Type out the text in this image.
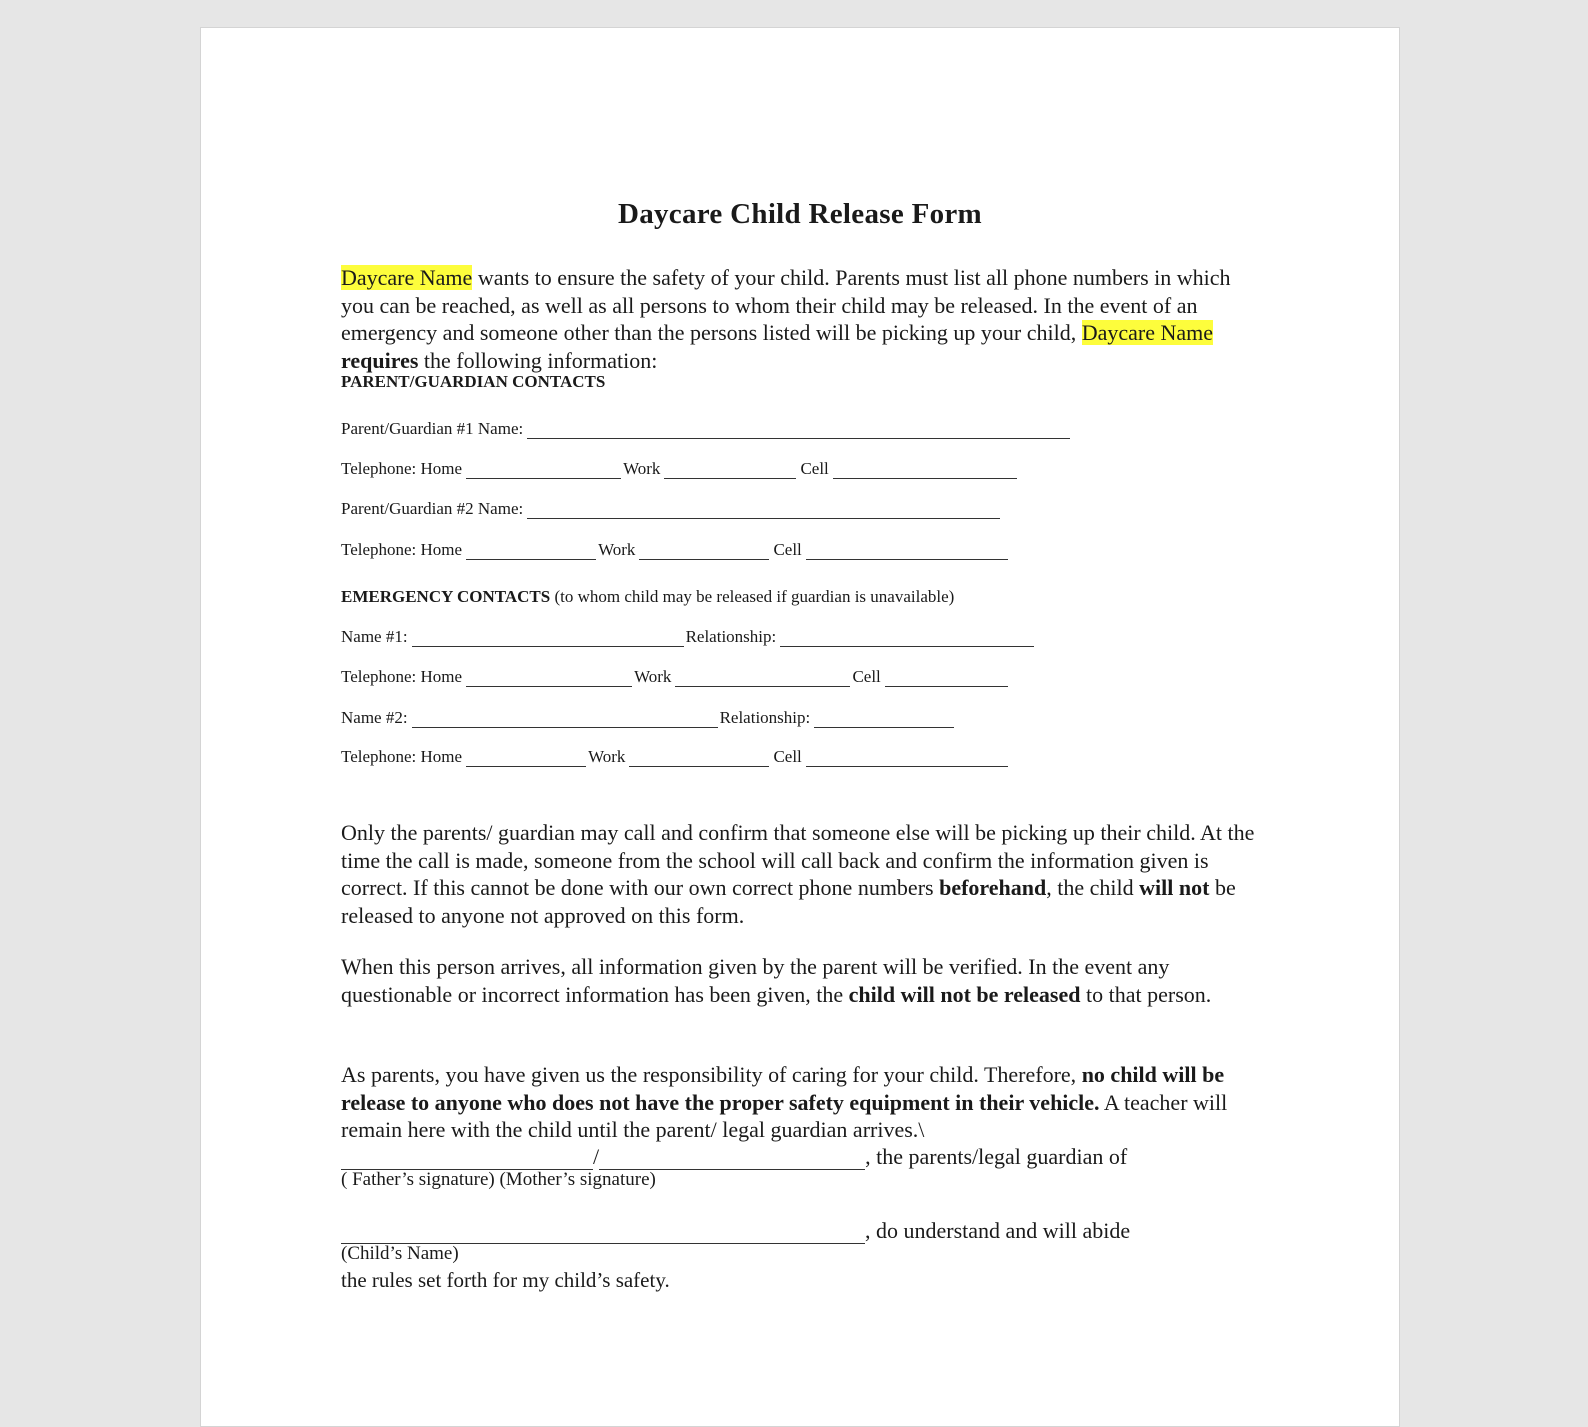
Daycare Child Release Form
Daycare Name wants to ensure the safety of your child. Parents must list all phone numbers in which you can be reached, as well as all persons to whom their child may be released. In the event of an emergency and someone other than the persons listed will be picking up your child, Daycare Name requires the following information:
PARENT/GUARDIAN CONTACTS
Parent/Guardian #1 Name:
Telephone: Home	Work	Cell
Parent/Guardian #2 Name:
Telephone: Home	Work	Cell
EMERGENCY CONTACTS (to whom child may be released if guardian is unavailable)
Name #1:	Relationship:
Telephone: Home	Work	Cell
Name #2:	Relationship:
Telephone: Home	Work	Cell
Only the parents/ guardian may call and confirm that someone else will be picking up their child. At the time the call is made, someone from the school will call back and confirm the information given is correct. If this cannot be done with our own correct phone numbers beforehand, the child will not be released to anyone not approved on this form.
When this person arrives, all information given by the parent will be verified. In the event any questionable or incorrect information has been given, the child will not be released to that person.
As parents, you have given us the responsibility of caring for your child. Therefore, no child will be release to anyone who does not have the proper safety equipment in their vehicle. A teacher will remain here with the child until the parent/ legal guardian arrives.\
/	, the parents/legal guardian of
( Father’s signature) (Mother’s signature)
, do understand and will abide
(Child’s Name)
the rules set forth for my child’s safety.
